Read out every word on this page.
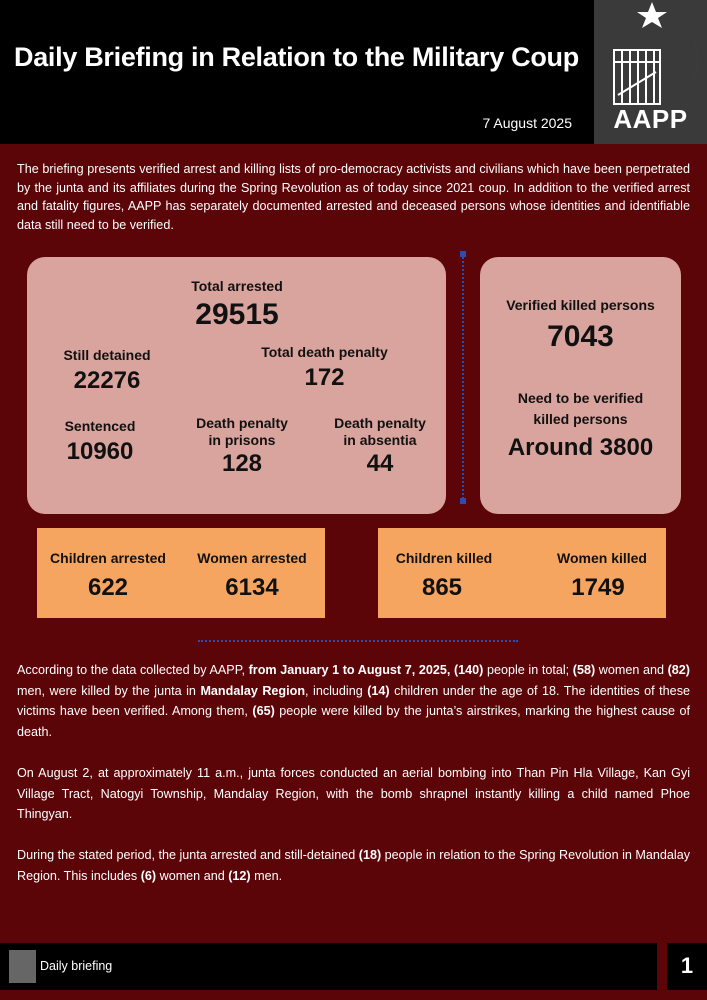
Daily Briefing in Relation to the Military Coup
7 August 2025	AAPP
The briefing presents verified arrest and killing lists of pro-democracy activists and civilians which have been perpetrated by the junta and its affiliates during the Spring Revolution as of today since 2021 coup. In addition to the verified arrest and fatality figures, AAPP has separately documented arrested and deceased persons whose identities and identifiable data still need to be verified.
Total arrested
29515
Still detained
22276
Total death penalty
172
Sentenced
10960
Death penalty
in prisons
128
Death penalty
in absentia
44
Verified killed persons
7043
Need to be verified
killed persons
Around 3800
Children arrested
622
Women arrested
6134
Children killed
865
Women killed
1749
According to the data collected by AAPP, from January 1 to August 7, 2025, (140) people in total; (58) women and (82) men, were killed by the junta in Mandalay Region, including (14) children under the age of 18. The identities of these victims have been verified. Among them, (65) people were killed by the junta’s airstrikes, marking the highest cause of death.
On August 2, at approximately 11 a.m., junta forces conducted an aerial bombing into Than Pin Hla Village, Kan Gyi Village Tract, Natogyi Township, Mandalay Region, with the bomb shrapnel instantly killing a child named Phoe Thingyan.
During the stated period, the junta arrested and still-detained (18) people in relation to the Spring Revolution in Mandalay Region. This includes (6) women and (12) men.
Daily briefing	1
